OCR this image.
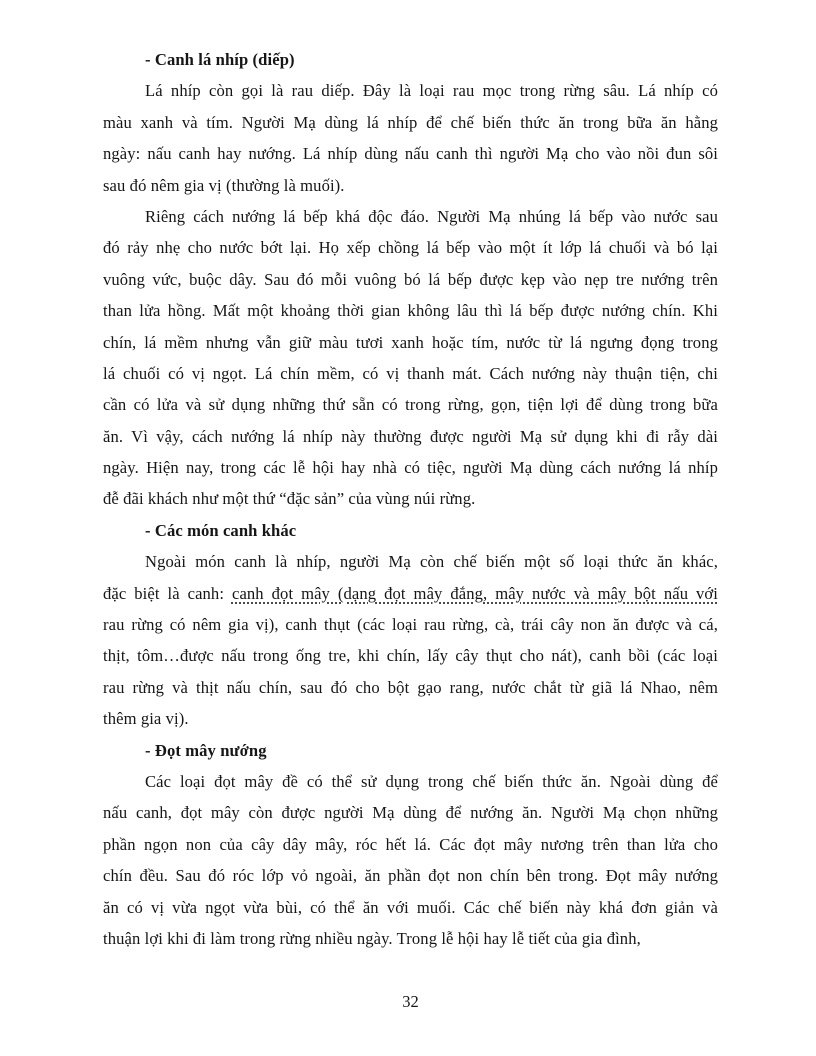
- Canh lá nhíp (diếp)
Lá nhíp còn gọi là rau diếp. Đây là loại rau mọc trong rừng sâu. Lá nhíp có
màu xanh và tím. Người Mạ dùng lá nhíp để chế biến thức ăn trong bữa ăn hằng
ngày: nấu canh hay nướng. Lá nhíp dùng nấu canh thì người Mạ cho vào nồi đun sôi
sau đó nêm gia vị (thường là muối).
Riêng cách nướng lá bếp khá độc đáo. Người Mạ nhúng lá bếp vào nước sau
đó rảy nhẹ cho nước bớt lại. Họ xếp chồng lá bếp vào một ít lớp lá chuối và bó lại
vuông vức, buộc dây. Sau đó mỗi vuông bó lá bếp được kẹp vào nẹp tre nướng trên
than lửa hồng. Mất một khoảng thời gian không lâu thì lá bếp được nướng chín. Khi
chín, lá mềm nhưng vẫn giữ màu tươi xanh hoặc tím, nước từ lá ngưng đọng trong
lá chuối có vị ngọt. Lá chín mềm, có vị thanh mát. Cách nướng này thuận tiện, chi
cần có lửa và sử dụng những thứ sẵn có trong rừng, gọn, tiện lợi để dùng trong bữa
ăn. Vì vậy, cách nướng lá nhíp này thường được người Mạ sử dụng khi đi rẫy dài
ngày. Hiện nay, trong các lễ hội hay nhà có tiệc, người Mạ dùng cách nướng lá nhíp
đễ đãi khách như một thứ “đặc sản” của vùng núi rừng.
- Các món canh khác
Ngoài món canh là nhíp, người Mạ còn chế biến một số loại thức ăn khác,
đặc biệt là canh: canh đọt mây (dạng đọt mây đắng, mây nước và mây bột nấu với
rau rừng có nêm gia vị), canh thụt (các loại rau rừng, cà, trái cây non ăn được và cá,
thịt, tôm…được nấu trong ống tre, khi chín, lấy cây thụt cho nát), canh bồi (các loại
rau rừng và thịt nấu chín, sau đó cho bột gạo rang, nước chắt từ giã lá Nhao, nêm
thêm gia vị).
- Đọt mây nướng
Các loại đọt mây đề có thể sử dụng trong chế biến thức ăn. Ngoài dùng để
nấu canh, đọt mây còn được người Mạ dùng để nướng ăn. Người Mạ chọn những
phần ngọn non của cây dây mây, róc hết lá. Các đọt mây nương trên than lửa cho
chín đều. Sau đó róc lớp vỏ ngoài, ăn phần đọt non chín bên trong. Đọt mây nướng
ăn có vị vừa ngọt vừa bùi, có thể ăn với muối. Các chế biến này khá đơn giản và
thuận lợi khi đi làm trong rừng nhiều ngày. Trong lễ hội hay lễ tiết của gia đình,
32
